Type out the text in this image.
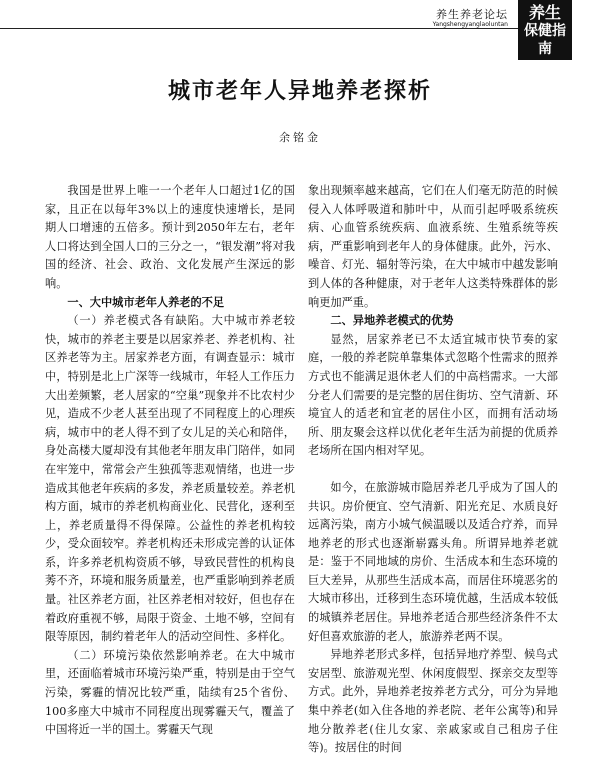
养生养老论坛
Yangshengyanglaoluntan
养生
保健指南
城市老年人异地养老探析
余铭金

我国是世界上唯一一个老年人口超过1亿的国家，且正在以每年3%以上的速度快速增长，是同期人口增速的五倍多。预计到2050年左右，老年人口将达到全国人口的三分之一，“银发潮”将对我国的经济、社会、政治、文化发展产生深远的影响。

一、大中城市老年人养老的不足

（一）养老模式各有缺陷。大中城市养老较快，城市的养老主要是以居家养老、养老机构、社区养老等为主。居家养老方面，有调查显示：城市中，特别是北上广深等一线城市，年轻人工作压力大出差频繁，老人居家的“空巢”现象并不比农村少见，造成不少老人甚至出现了不同程度上的心理疾病，城市中的老人得不到了女儿足的关心和陪伴，身处高楼大厦却没有其他老年朋友串门陪伴，如同在牢笼中，常常会产生独孤等悲观情绪，也进一步造成其他老年疾病的多发，养老质量较差。养老机构方面，城市的养老机构商业化、民营化，逐利至上，养老质量得不得保障。公益性的养老机构较少，受众面较窄。养老机构还未形成完善的认证体系，许多养老机构资质不够，导致民营性的机构良莠不齐，环境和服务质量差，也严重影响到养老质量。社区养老方面，社区养老相对较好，但也存在着政府重视不够，局限于资金、土地不够，空间有限等原因，制约着老年人的活动空间性、多样化。

（二）环境污染依然影响养老。在大中城市里，还面临着城市环境污染严重，特别是由于空气污染，雾霾的情况比较严重，陆续有25个省份、100多座大中城市不同程度出现雾霾天气，覆盖了中国将近一半的国土。雾霾天气现

象出现频率越来越高，它们在人们毫无防范的时候侵入人体呼吸道和肺叶中，从而引起呼吸系统疾病、心血管系统疾病、血液系统、生殖系统等疾病，严重影响到老年人的身体健康。此外，污水、噪音、灯光、辐射等污染，在大中城市中越发影响到人体的各种健康，对于老年人这类特殊群体的影响更加严重。

二、异地养老模式的优势

显然，居家养老已不太适宜城市快节奏的家庭，一般的养老院单靠集体式忽略个性需求的照养方式也不能满足退休老人们的中高档需求。一大部分老人们需要的是完整的居住街坊、空气清新、环境宜人的适老和宜老的居住小区，而拥有活动场所、朋友聚会这样以优化老年生活为前提的优质养老场所在国内相对罕见。

如今，在旅游城市隐居养老几乎成为了国人的共识。房价便宜、空气清新、阳光充足、水质良好远离污染，南方小城气候温暖以及适合疗养，而异地养老的形式也逐渐崭露头角。所谓异地养老就是：鉴于不同地域的房价、生活成本和生态环境的巨大差异，从那些生活成本高，而居住环境恶劣的大城市移出，迁移到生态环境优越，生活成本较低的城镇养老居住。异地养老适合那些经济条件不太好但喜欢旅游的老人，旅游养老两不误。

异地养老形式多样，包括异地疗养型、候鸟式安居型、旅游观光型、休闲度假型、探亲交友型等方式。此外，异地养老按养老方式分，可分为异地集中养老(如入住各地的养老院、老年公寓等)和异地分散养老(住儿女家、亲戚家或自己租房子住等)。按居住的时间
